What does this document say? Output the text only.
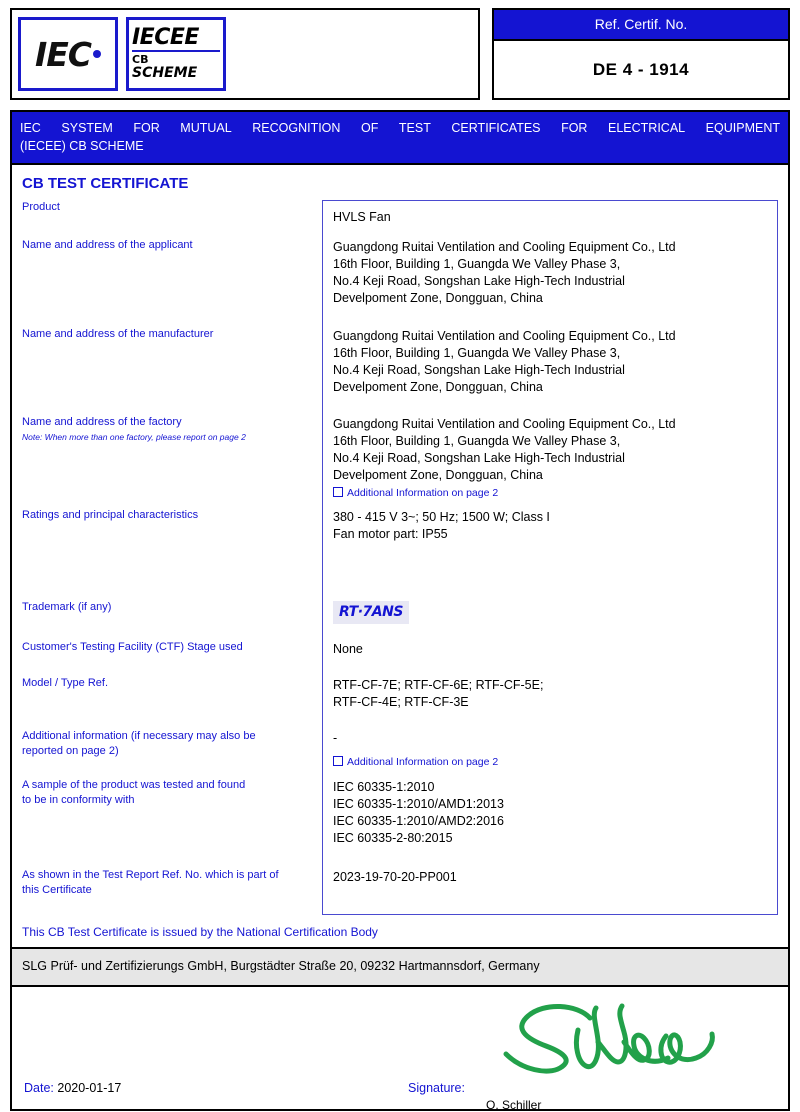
IEC IECEE
CB
SCHEME
Ref. Certif. No.
DE 4 - 1914
IEC SYSTEM FOR MUTUAL RECOGNITION OF TEST CERTIFICATES FOR ELECTRICAL EQUIPMENT
(IECEE) CB SCHEME
CB TEST CERTIFICATE
Product
Name and address of the applicant
Name and address of the manufacturer
Name and address of the factory
Note: When more than one factory, please report on page 2
Ratings and principal characteristics
Trademark (if any)
Customer's Testing Facility (CTF) Stage used
Model / Type Ref.
Additional information (if necessary may also be
reported on page 2)
A sample of the product was tested and found
to be in conformity with
As shown in the Test Report Ref. No. which is part of
this Certificate
HVLS Fan
Guangdong Ruitai Ventilation and Cooling Equipment Co., Ltd
16th Floor, Building 1, Guangda We Valley Phase 3,
No.4 Keji Road, Songshan Lake High-Tech Industrial
Develpoment Zone, Dongguan, China
Guangdong Ruitai Ventilation and Cooling Equipment Co., Ltd
16th Floor, Building 1, Guangda We Valley Phase 3,
No.4 Keji Road, Songshan Lake High-Tech Industrial
Develpoment Zone, Dongguan, China
Guangdong Ruitai Ventilation and Cooling Equipment Co., Ltd
16th Floor, Building 1, Guangda We Valley Phase 3,
No.4 Keji Road, Songshan Lake High-Tech Industrial
Develpoment Zone, Dongguan, China
Additional Information on page 2
380 - 415 V 3~; 50 Hz; 1500 W; Class I
Fan motor part: IP55
RT·7ANS
None
RTF-CF-7E; RTF-CF-6E; RTF-CF-5E;
RTF-CF-4E; RTF-CF-3E
-
Additional Information on page 2
IEC 60335-1:2010
IEC 60335-1:2010/AMD1:2013
IEC 60335-1:2010/AMD2:2016
IEC 60335-2-80:2015
2023-19-70-20-PP001
This CB Test Certificate is issued by the National Certification Body
SLG Prüf- und Zertifizierungs GmbH, Burgstädter Straße 20, 09232 Hartmannsdorf, Germany
Date: 2020-01-17	Signature:
O. Schiller
